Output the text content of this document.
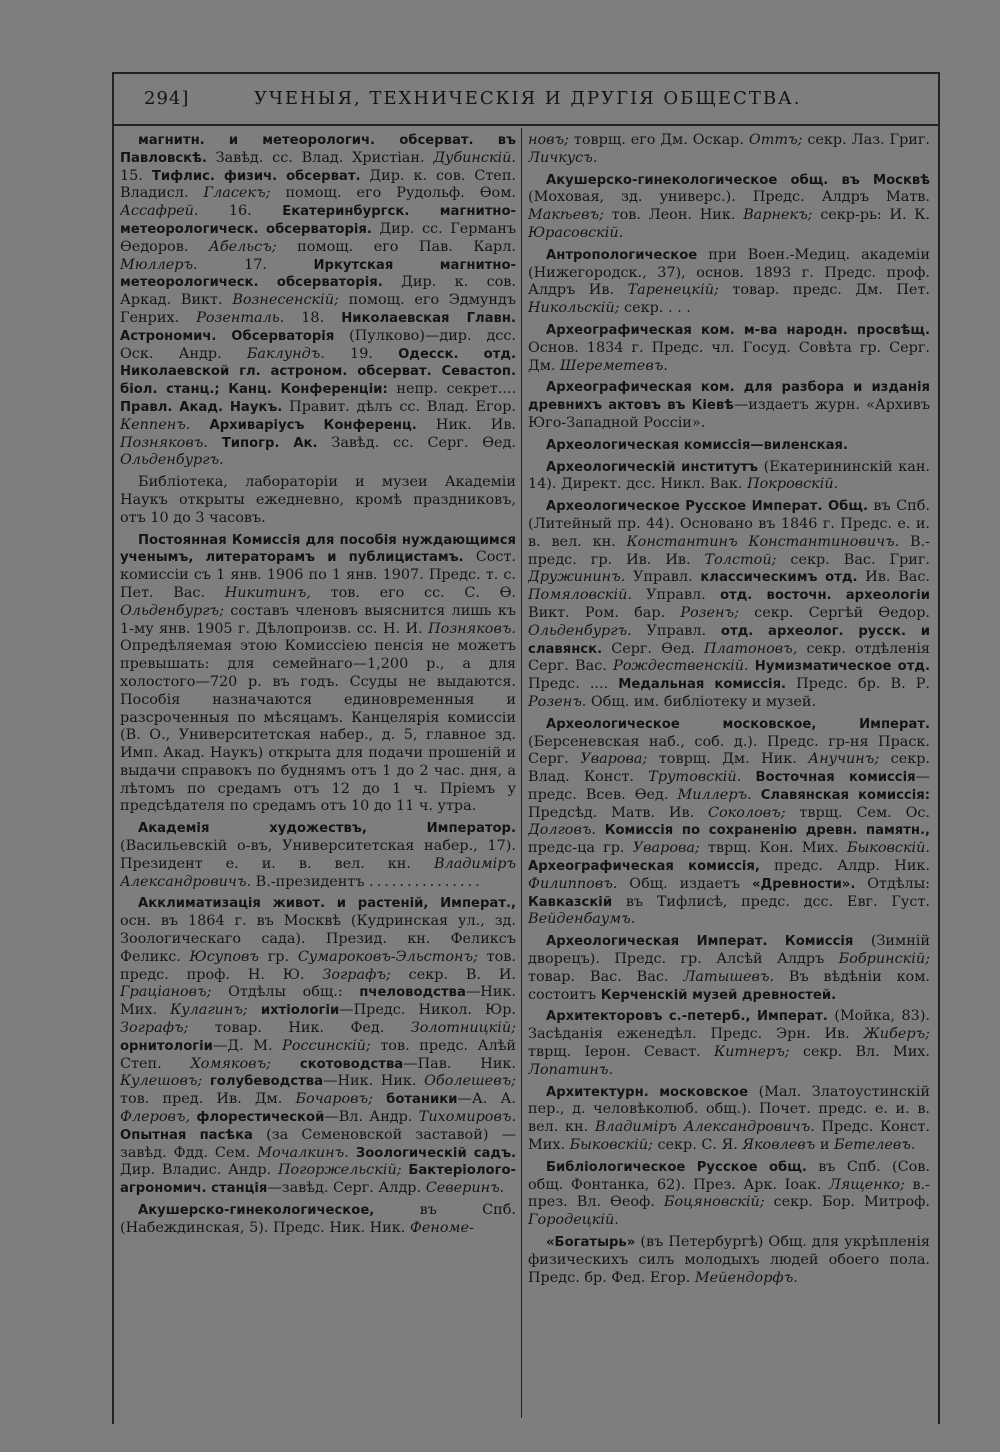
294]	УЧЕНЫЯ, ТЕХНИЧЕСКІЯ И ДРУГІЯ ОБЩЕСТВА.

магнитн. и метеорологич. обсерват. въ Павловскѣ. Завѣд. сс. Влад. Христіан. Дубинскій. 15. Тифлис. физич. обсерват. Дир. к. сов. Степ. Владисл. Гласекъ; помощ. его Рудольф. Ѳом. Ассафрей. 16. Екатеринбургск. магнитно-метеорологическ. обсерваторія. Дир. сс. Германъ Ѳедоров. Абельсъ; помощ. его Пав. Карл. Мюллеръ. 17. Иркутская магнитно-метеорологическ. обсерваторія. Дир. к. сов. Аркад. Викт. Вознесенскій; помощ. его Эдмундъ Генрих. Розенталь. 18. Николаевская Главн. Астрономич. Обсерваторія (Пулково)—дир. дсс. Оск. Андр. Баклундъ. 19. Одесск. отд. Николаевской гл. астроном. обсерват. Севастоп. біол. станц.; Канц. Конференціи: непр. секрет.... Правл. Акад. Наукъ. Правит. дѣлъ сс. Влад. Егор. Кеппенъ. Архиваріусъ Конференц. Ник. Ив. Позняковъ. Типогр. Ак. Завѣд. сс. Серг. Ѳед. Ольденбургъ.

Библіотека, лабораторіи и музеи Академіи Наукъ открыты ежедневно, кромѣ праздниковъ, отъ 10 до 3 часовъ.

Постоянная Комиссія для пособія нуждающимся ученымъ, литераторамъ и публицистамъ. Сост. комиссіи съ 1 янв. 1906 по 1 янв. 1907. Предс. т. с. Пет. Вас. Никитинъ, тов. его сс. С. Ѳ. Ольденбургъ; составъ членовъ выяснится лишь къ 1-му янв. 1905 г. Дѣлопроизв. сс. Н. И. Позняковъ. Опредѣляемая этою Комиссіею пенсія не можетъ превышать: для семейнаго—1,200 р., а для холостого—720 р. въ годъ. Ссуды не выдаются. Пособія назначаются единовременныя и разсроченныя по мѣсяцамъ. Канцелярія комиссіи (В. О., Университетская набер., д. 5, главное зд. Имп. Акад. Наукъ) открыта для подачи прошеній и выдачи справокъ по буднямъ отъ 1 до 2 час. дня, а лѣтомъ по средамъ отъ 12 до 1 ч. Пріемъ у предсѣдателя по средамъ отъ 10 до 11 ч. утра.

Академія художествъ, Император. (Васильевскій о-въ, Университетская набер., 17). Президент е. и. в. вел. кн. Владиміръ Александровичъ. В.-президентъ ...............

Акклиматизація живот. и растеній, Императ., осн. въ 1864 г. въ Москвѣ (Кудринская ул., зд. Зоологическаго сада). Презид. кн. Феликсъ Феликс. Юсуповъ гр. Сумароковъ-Эльстонъ; тов. предс. проф. Н. Ю. Зографъ; секр. В. И. Граціановъ; Отдѣлы общ.: пчеловодства—Ник. Мих. Кулагинъ; ихтіологіи—Предс. Никол. Юр. Зографъ; товар. Ник. Фед. Золотницкій; орнитологіи—Д. М. Россинскій; тов. предс. Алѣй Степ. Хомяковъ; скотоводства—Пав. Ник. Кулешовъ; голубеводства—Ник. Ник. Оболешевъ; тов. пред. Ив. Дм. Бочаровъ; ботаники—А. А. Флеровъ, флорестической—Вл. Андр. Тихомировъ. Опытная пасѣка (за Семеновской заставой) — завѣд. Фдд. Сем. Мочалкинъ. Зоологическій садъ. Дир. Владис. Андр. Погоржельскій; Бактеріолого-агрономич. станція—завѣд. Серг. Алдр. Северинъ.

Акушерско-гинекологическое, въ Спб. (Набеждинская, 5). Предс. Ник. Ник. Феноме-

новъ; товрщ. его Дм. Оскар. Оттъ; секр. Лаз. Григ. Личкусъ.

Акушерско-гинекологическое общ. въ Москвѣ (Моховая, зд. универс.). Предс. Алдръ Матв. Макѣевъ; тов. Леон. Ник. Варнекъ; секр-рь: И. К. Юрасовскій.

Антропологическое при Воен.-Медиц. академіи (Нижегородск., 37), основ. 1893 г. Предс. проф. Алдръ Ив. Таренецкій; товар. предс. Дм. Пет. Никольскій; секр. . . .

Археографическая ком. м-ва народн. просвѣщ. Основ. 1834 г. Предс. чл. Госуд. Совѣта гр. Серг. Дм. Шереметевъ.

Археографическая ком. для разбора и изданія древнихъ актовъ въ Кіевѣ—издаетъ журн. «Архивъ Юго-Западной Россіи».

Археологическая комиссія—виленская.

Археологическій институтъ (Екатерининскій кан. 14). Директ. дсс. Никл. Вак. Покровскій.

Археологическое Русское Императ. Общ. въ Спб. (Литейный пр. 44). Основано въ 1846 г. Предс. е. и. в. вел. кн. Константинъ Константиновичъ. В.-предс. гр. Ив. Ив. Толстой; секр. Вас. Григ. Дружининъ. Управл. классическимъ отд. Ив. Вас. Помяловскій. Управл. отд. восточн. археологіи Викт. Ром. бар. Розенъ; секр. Сергѣй Ѳедор. Ольденбургъ. Управл. отд. археолог. русск. и славянск. Серг. Ѳед. Платоновъ, секр. отдѣленія Серг. Вас. Рождественскій. Нумизматическое отд. Предс. .... Медальная комиссія. Предс. бр. В. Р. Розенъ. Общ. им. библіотеку и музей.

Археологическое московское, Императ. (Берсеневская наб., соб. д.). Предс. гр-ня Праск. Серг. Уварова; товрщ. Дм. Ник. Анучинъ; секр. Влад. Конст. Трутовскій. Восточная комиссія—предс. Всев. Ѳед. Миллеръ. Славянская комиссія: Предсѣд. Матв. Ив. Соколовъ; тврщ. Сем. Ос. Долговъ. Комиссія по сохраненію древн. памятн., предс-ца гр. Уварова; тврщ. Кон. Мих. Быковскій. Археографическая комиссія, предс. Алдр. Ник. Филипповъ. Общ. издаетъ «Древности». Отдѣлы: Кавказскій въ Тифлисѣ, предс. дсс. Евг. Густ. Вейденбаумъ.

Археологическая Императ. Комиссія (Зимній дворецъ). Предс. гр. Алсѣй Алдръ Бобринскій; товар. Вас. Вас. Латышевъ. Въ вѣдѣніи ком. состоитъ Керченскій музей древностей.

Архитекторовъ с.-петерб., Императ. (Мойка, 83). Засѣданія еженедѣл. Предс. Эрн. Ив. Жиберъ; тврщ. Іерон. Севаст. Китнеръ; секр. Вл. Мих. Лопатинъ.

Архитектурн. московское (Мал. Златоустинскій пер., д. человѣколюб. общ.). Почет. предс. е. и. в. вел. кн. Владиміръ Александровичъ. Предс. Конст. Мих. Быковскій; секр. С. Я. Яковлевъ и Бетелевъ.

Библіологическое Русское общ. въ Спб. (Сов. общ. Фонтанка, 62). През. Арк. Іоак. Лященко; в.-през. Вл. Ѳеоф. Боцяновскій; секр. Бор. Митроф. Городецкій.

«Богатырь» (въ Петербургѣ) Общ. для укрѣпленія физическихъ силъ молодыхъ людей обоего пола. Предс. бр. Фед. Егор. Мейендорфъ.
